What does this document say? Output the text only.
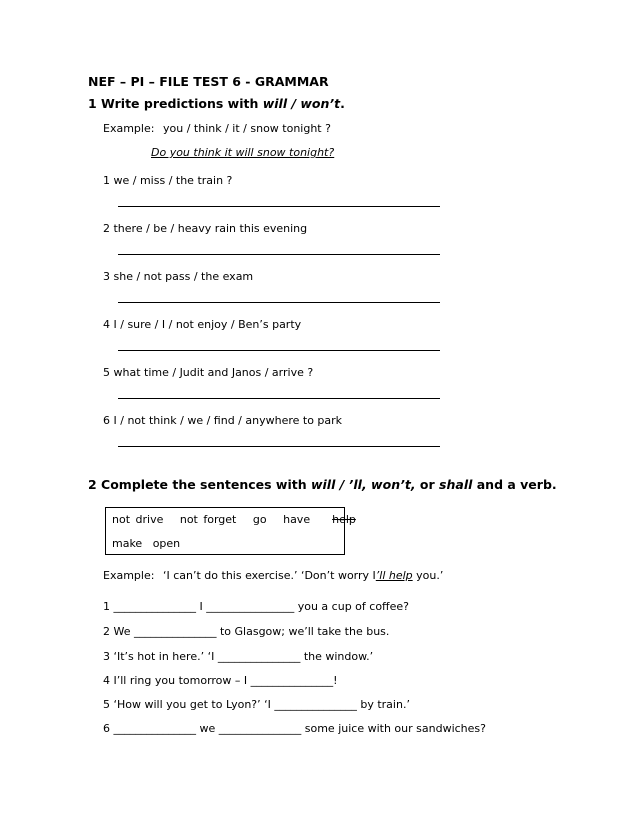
NEF – PI – FILE TEST 6 - GRAMMAR
1 Write predictions with will / won’t.
Example: you / think / it / snow tonight ?
Do you think it will snow tonight?
1 we / miss / the train ?
2 there / be / heavy rain this evening
3 she / not pass / the exam
4 I / sure / I / not enjoy / Ben’s party
5 what time / Judit and Janos / arrive ?
6 I / not think / we / find / anywhere to park
2 Complete the sentences with will / ’ll, won’t, or shall and a verb.
not drive not forget go have help
make   open
Example: ‘I can’t do this exercise.’ ‘Don’t worry I’ll help you.’
1 _______________ I ________________ you a cup of coffee?
2 We _______________ to Glasgow; we’ll take the bus.
3 ‘It’s hot in here.’ ‘I _______________ the window.’
4 I’ll ring you tomorrow – I _______________!
5 ‘How will you get to Lyon?’ ‘I _______________ by train.’
6 _______________ we _______________ some juice with our sandwiches?
